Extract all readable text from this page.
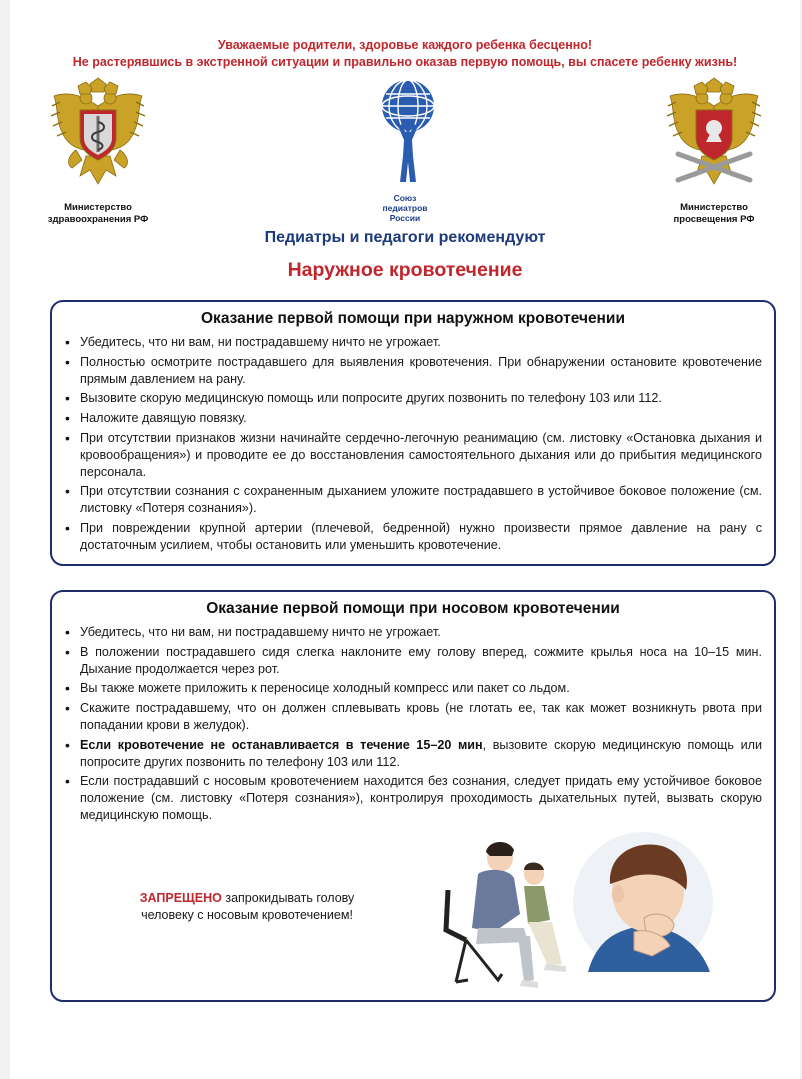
Уважаемые родители, здоровье каждого ребенка бесценно!
Не растерявшись в экстренной ситуации и правильно оказав первую помощь, вы спасете ребенку жизнь!
Министерство
здравоохранения РФ
Союз
педиатров
России
Министерство
просвещения РФ
Педиатры и педагоги рекомендуют
Наружное кровотечение
Оказание первой помощи при наружном кровотечении
• Убедитесь, что ни вам, ни пострадавшему ничто не угрожает.
• Полностью осмотрите пострадавшего для выявления кровотечения. При обнаружении остановите кровотечение прямым давлением на рану.
• Вызовите скорую медицинскую помощь или попросите других позвонить по телефону 103 или 112.
• Наложите давящую повязку.
• При отсутствии признаков жизни начинайте сердечно-легочную реанимацию (см. листовку «Остановка дыхания и кровообращения») и проводите ее до восстановления самостоятельного дыхания или до прибытия медицинского персонала.
• При отсутствии сознания с сохраненным дыханием уложите пострадавшего в устойчивое боковое положение (см. листовку «Потеря сознания»).
• При повреждении крупной артерии (плечевой, бедренной) нужно произвести прямое давление на рану с достаточным усилием, чтобы остановить или уменьшить кровотечение.
Оказание первой помощи при носовом кровотечении
• Убедитесь, что ни вам, ни пострадавшему ничто не угрожает.
• В положении пострадавшего сидя слегка наклоните ему голову вперед, сожмите крылья носа на 10–15 мин. Дыхание продолжается через рот.
• Вы также можете приложить к переносице холодный компресс или пакет со льдом.
• Скажите пострадавшему, что он должен сплевывать кровь (не глотать ее, так как может возникнуть рвота при попадании крови в желудок).
• Если кровотечение не останавливается в течение 15–20 мин, вызовите скорую медицинскую помощь или попросите других позвонить по телефону 103 или 112.
• Если пострадавший с носовым кровотечением находится без сознания, следует придать ему устойчивое боковое положение (см. листовку «Потеря сознания»), контролируя проходимость дыхательных путей, вызвать скорую медицинскую помощь.
ЗАПРЕЩЕНО запрокидывать голову человеку с носовым кровотечением!
